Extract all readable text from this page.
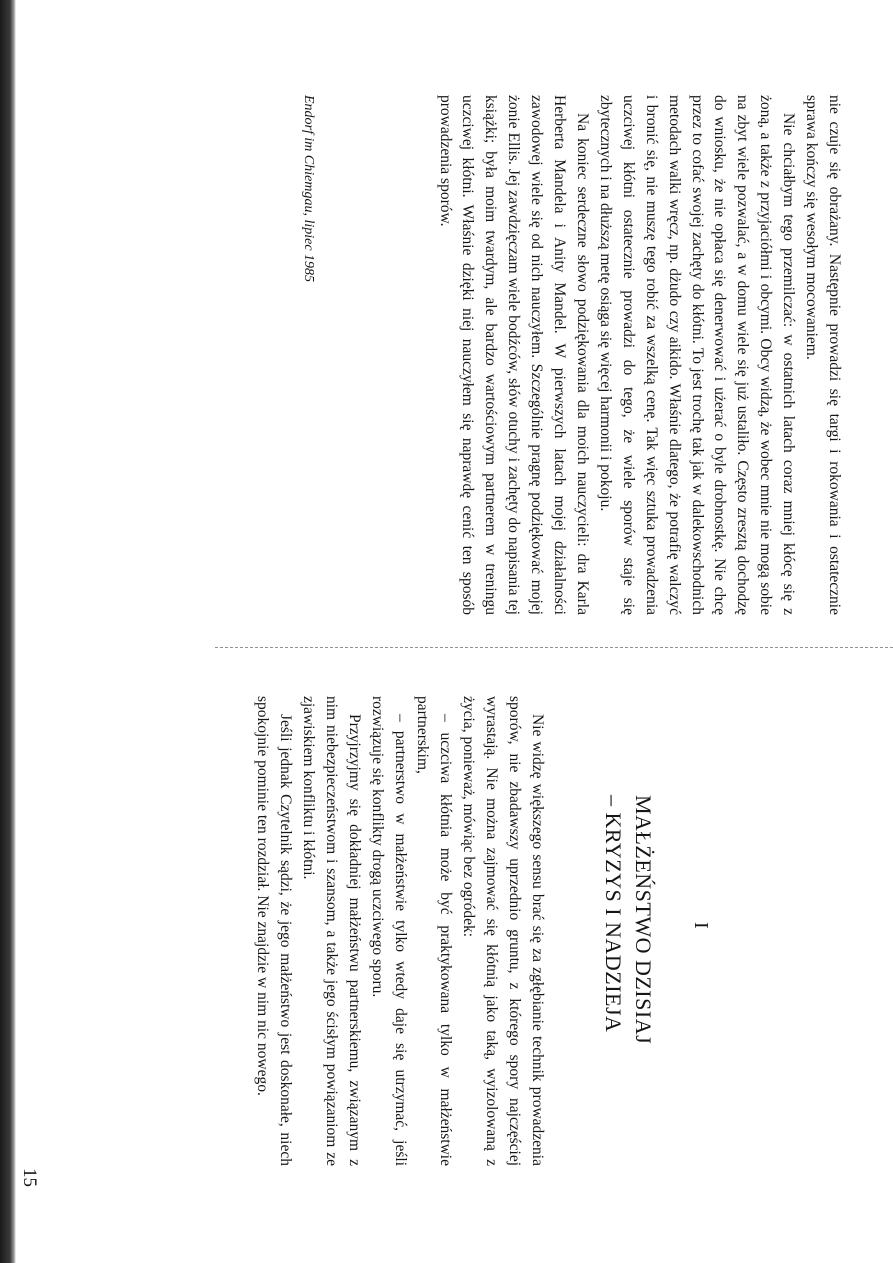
nie czuje się obrażany. Następnie prowadzi się targi i rokowania i ostatecznie sprawa kończy się wesołym mocowaniem.

Nie chciałbym tego przemilczać: w ostatnich latach coraz mniej kłócę się z żoną, a także z przyjaciółmi i obcymi. Obcy widzą, że wobec mnie nie mogą sobie na zbyt wiele pozwalać, a w domu wiele się już ustaliło. Często zresztą dochodzę do wniosku, że nie opłaca się denerwować i użerać o byle drobnostkę. Nie chcę przez to cofać swojej zachęty do kłótni. To jest trochę tak jak w dalekowschodnich metodach walki wręcz, np. dżudo czy aikido. Właśnie dlatego, że potrafię walczyć i bronić się, nie muszę tego robić za wszelką cenę. Tak więc sztuka prowadzenia uczciwej kłótni ostatecznie prowadzi do tego, że wiele sporów staje się zbytecznych i na dłuższą metę osiąga się więcej harmonii i pokoju.

Na koniec serdeczne słowo podziękowania dla moich nauczycieli: dra Karla Herberta Mandela i Anity Mandel. W pierwszych latach mojej działalności zawodowej wiele się od nich nauczyłem. Szczególnie pragnę podziękować mojej żonie Ellis. Jej zawdzięczam wiele bodźców, słów otuchy i zachęty do napisania tej książki; była moim twardym, ale bardzo wartościowym partnerem w treningu uczciwej kłótni. Właśnie dzięki niej nauczyłem się naprawdę cenić ten sposób prowadzenia sporów.

Endorf im Chiemgau, lipiec 1985
I
MAŁŻEŃSTWO DZISIAJ
– KRYZYS I NADZIEJA

Nie widzę większego sensu brać się za zgłębianie technik prowadzenia sporów, nie zbadawszy uprzednio gruntu, z którego spory najczęściej wyrastają. Nie można zajmować się kłótnią jako taką, wyizolowaną z życia, ponieważ, mówiąc bez ogródek:

– uczciwa kłótnia może być praktykowana tylko w małżeństwie partnerskim,

– partnerstwo w małżeństwie tylko wtedy daje się utrzymać, jeśli rozwiązuje się konflikty drogą uczciwego sporu.

Przyjrzyjmy się dokładniej małżeństwu partnerskiemu, związanym z nim niebezpieczeństwom i szansom, a także jego ścisłym powiązaniom ze zjawiskiem konfliktu i kłótni.

Jeśli jednak Czytelnik sądzi, że jego małżeństwo jest doskonałe, niech spokojnie pominie ten rozdział. Nie znajdzie w nim nic nowego.

15
